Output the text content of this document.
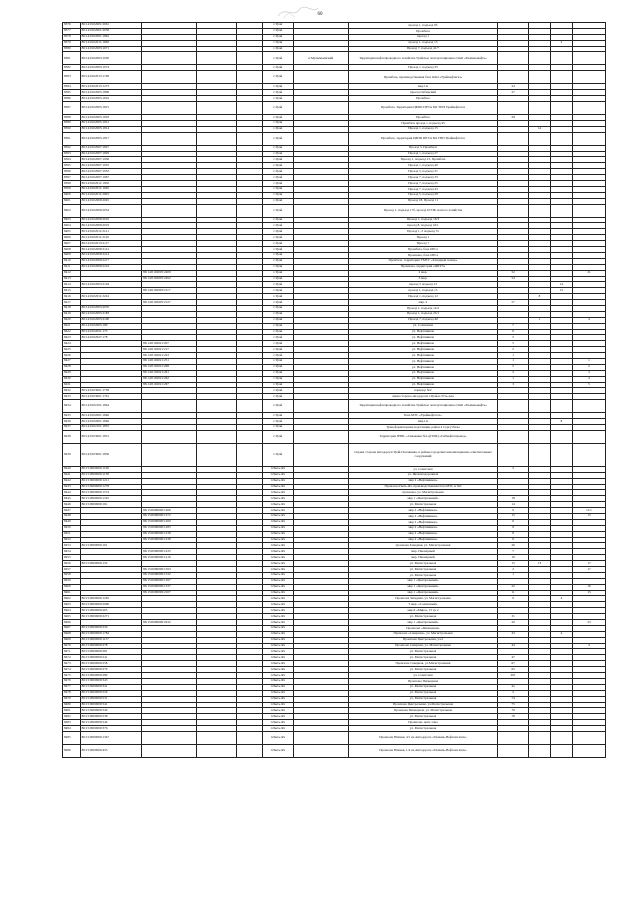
60
8376	86:14:0102001:2061				г.Урай		проезд 1, подъезд 9б				
8377	86:14:0102001:2058				г.Урай		Промбаза				
8378	86:14:0102001:1862				г.Урай		проезд 1				
8379	86:14:0102011:1669				г.Урай		проезд 1, подъезд 13			2	
8380	86:14:0102003:1671				г.Урай		Проезд 7, подъезд 41/7				
8381	86:14:0102003:1050				г.Урай	п.Мулымъинский	Территория нефтепроводного хозяйства Урайское эксплуатационное ОАО «Тюменьнефть»				
8382	86:14:0102003:1074				г.Урай		Проезд 1, подъезд 35				
8383	86:14:0102013:1748				г.Урай		Промбаза, производственная база ОАО «Урайнефтегаз»				
8384	86:14:0102013:1273				г.Урай		мкр.1А	24			
8385	86:14:0102005:1809				г.Урай		проезд Сибирский	27			
8386	86:14:0102005:1816				г.Урай		Промбаза				
8387	86:14:0102005:1815				г.Урай		Промбаза. Территория ЦБПО ПРЭ и БО ТПП Урайнефтегаз				
8388	86:14:0102005:1818				г.Урай		Промбаза	III			
8389	86:14:0102005:1812				г.Урай		Промбаза проезд 1, подъезд 45				
8390	86:14:0102005:1814				г.Урай		Проезд 1, подъезд 15		14		
8391	86:14:0102005:1817				г.Урай		Промбаза, территория ЦБПО ПРЭ и БО ТПП Урайнефтегаз				
8392	86:14:0102007:1827				г.Урай		Проезд 5, Промбаза				
8393	86:14:0102007:1829				г.Урай		Проезд 1, подъезд 27				
8394	86:14:0102007:1936				г.Урай		Проезд 1, подъезд 21, Промбаза				
8395	86:14:0102007:1955				г.Урай		Проезд 1, подъезд 40				
8396	86:14:0102007:1952				г.Урай		Проезд 5, подъезд 31				
8397	86:14:0102007:1967				г.Урай		Проезд 7, подъезд 33				
8398	86:14:0102011:1956				г.Урай		Проезд 7, подъезд 25				
8399	86:14:0102011:1926				г.Урай		Проезд 7, подъезд 43				
8400	86:14:0102011:2003				г.Урай		Проезд 5, подъезд 29				
8401	86:14:0102009:2045				г.Урай		Проезд 18, Проезд 11				
8402	86:14:0102009:2034				г.Урай		Проезд 1, подъезд 17б, проезд 6 ГПК лесного хозяйства				
8403	86:14:0102009:2016				г.Урай		Проезд 1, подъезд 16/3				
8404	86:14:0102009:2019				г.Урай		проезд 8, подъезд 16/1				
8405	86:14:0102011:2121				г.Урай		Проезд 1, 2 подъезд 7а				
8406	86:14:0102011:2120				г.Урай		Проезд 1				
8407	86:14:0102013:2117				г.Урай		Проезд 7				
8408	86:14:0102009:2141				г.Урай		Промбаза, база ОРСа				
8409	86:14:0102009:2214				г.Урай		Промзона, база ОРСа				
8410	86:14:0102009:2217				г.Урай		Промбаза, территория УМТС «Западный пожар»				
8411	86:14:0102009:2224				г.Урай		Промзона, территория «ЦПТЭ»				
8412		86:14:0102005:2409			г.Урай		2 мкр.	52			21
8413		86:14:0102005:2492			г.Урай		3 мкр.	54			
8414	86:14:0102003:2104				г.Урай		проезд 5 подъезд 21			14	
8415		86:14:0102003:2117			г.Урай		проезд 1, подъезд 15			15	
8416	86:14:0102011:2224				г.Урай		Проезд 1, подъезд 12		8		
8417		86:14:0102005:2127			г.Урай		мкр. 2	57			
8418	86:14:0102003:2070				г.Урай		Проезд 1, подъезд 14/2				
8419	86:14:0102005:2183				г.Урай		Проезд 1, подъезд 2б/1				
8420	86:14:0102003:2100				г.Урай		Проезд 7, подъезд 40		1		4
8421	86:14:0102005:180				г.Урай		ул. Солнечная	7			
8422	86:14:0102021:173				г.Урай		ул. Нефтяников	6			
8423	86:14:0102027:178				г.Урай		ул. Нефтяников	5			
8424		86:14:0102021:207			г.Урай		ул. Нефтяников	5			
8425		86:14:0102021:217			г.Урай		ул. Нефтяников	2			
8426		86:14:0102021:243			г.Урай		ул. Нефтяников	1			
8427		86:14:0102021:251			г.Урай		ул. Нефтяников	1			1
8428		86:14:0102021:268			г.Урай		ул. Нефтяников	5			2
8429		86:14:0102021:261			г.Урай		ул. Нефтяников	2			3
8430		86:14:0102021:262			г.Урай		ул. Нефтяников	1			4
8431		86:14:0102021:267			г.Урай		ул. Нефтяников	3			5
8432	86:14:0103001:1758				г.Урай		коридор №2				
8433	86:14:0103001:1761				г.Урай		левая сторона автодороги г.Урай-п.Усть-Аха				
8434	86:14:0102101:1844				г.Урай		Территория нефтепроводного хозяйства Урайское эксплуатационное ОАО «Тюменьнефть»				
8435	86:14:0102001:1846				г.Урай		База МТС «Урайнефтегаз»				
8436	86:14:0102001:1846				г.Урай		мкр.1А			8	
8437	86:14:0102101:1855				г.Урай		Трансформаторная подстанция, район 4 Сургутбазы				
8438	86:14:0103001:1851				г.Урай		Территория ЗНПС «Скважина №1»(ГПМ) «Сибнефтепровод»				
8439	86:14:0103001:1856				г.Урай		Справа сторона автодороги Урай-Половинка, в районе городских канализационно-очистительных сооружений				
8440	86:15:0000000:1190				г.Пыть-Ях		ул. Советская	5			
8441	86:15:0000000:1138				г.Пыть-Ях		ул. Железнодорожная				
8442	86:15:0000000:1211				г.Пыть-Ях		мкр 2 «Нефтяников»				
8443	86:15:0000000:1278				г.Пыть-Ях		Промзона Пыть-Ях, производственная база МТС и ХО				
8444	86:15:0000000:1574				г.Пыть-Ях		промзона, ул. Магистральная				
8445	86:15:0000000:1545				г.Пыть-Ях		мкр 1 «Центральный»	18			
8446	86:15:0000000:161				г.Пыть-Ях		ул. Магистральная	14			
8447		86:15:0000000:1266			г.Пыть-Ях		мкр 2 «Нефтяников»	9			11/1
8448		86:15:0000000:1272			г.Пыть-Ях		мкр 2 «Нефтяников»	15			15
8449		86:15:0000000:1200			г.Пыть-Ях		мкр 2 «Нефтяников»	6			
8450		86:15:0000000:1285			г.Пыть-Ях		мкр 2 «Нефтяников»	9			
8451		86:15:0000000:1238			г.Пыть-Ях		мкр 2 «Нефтяников»	8			
8452		86:15:0000000:1238			г.Пыть-Ях		мкр 2 «Нефтяников»	6			
8453	86:15:0000000:161				г.Пыть-Ях		промзона Западная, ул. Магистральная	26			
8454		86:15:0000000:1435			г.Пыть-Ях		мкр. Пионерный	7			
8455		86:15:0000000:1416			г.Пыть-Ях		мкр. Пионерный	10			
8456	86:15:0000000:152				г.Пыть-Ях		ул. Магистральная	15	13		17
8457		86:15:0000000:1593			г.Пыть-Ях		ул. Магистральная	2			17
8458		86:15:0000000:1532			г.Пыть-Ях		ул. Магистральная	1			
8459		86:15:0000000:1397			г.Пыть-Ях		мкр 1 «Центральный»				
8460		86:15:0000000:1337			г.Пыть-Ях		мкр 1 «Центральный»	22			16
8461		86:15:0000000:2107			г.Пыть-Ях		мкр 1 «Центральный»	11			15
8462	86:15:0000000:1265				г.Пыть-Ях		Промзона Западная, ул. Магистральная	9		4	
8463	86:15:0000000:2960				г.Пыть-Ях		5 мкр. «Солнечный»				
8464	86:15:0000000:265				г.Пыть-Ях		мкр.6 «Мира», 15 гр.2				
8465	86:15:0000000:2271				г.Пыть-Ях		ул. Магистральная	31			
8466		86:15:0000000:2432			г.Пыть-Ях		мкр 1 «Центральный»	20			23
8467	86:15:0000000:250				г.Пыть-Ях		Промзона «Пионерная»				
8468	86:15:0000000:1784				г.Пыть-Ях		Промзона «Северная», ул. Магистральная	43		4	
8469	86:15:0000000:1157				г.Пыть-Ях		Промзона Центральная, ул.2				
8470	86:15:0000000:278				г.Пыть-Ях		Промзона Северная, ул. Магистральная	44			4
8471	86:15:0000000:281				г.Пыть-Ях		ул. Магистральная				
8472	86:15:0000000:241				г.Пыть-Ях		ул. Магистральная	47			
8473	86:15:0000000:258				г.Пыть-Ях		Промзона Северная, ул.Магистральная	67			
8474	86:15:0000000:279				г.Пыть-Ях		ул. Магистральная	65			
8475	86:15:0000000:280				г.Пыть-Ях		ул. Советская	201			
8476	86:15:0000000:343				г.Пыть-Ях		Промзона Пионерная				
8477	86:15:0000000:341				г.Пыть-Ях		ул. Магистральная	4а			
8478	86:15:0000000:526				г.Пыть-Ях		ул. Магистральная	5			
8479	86:15:0000000:531				г.Пыть-Ях		ул. Магистральная	74			
8480	86:15:0000000:541				г.Пыть-Ях		Промзона Центральная, ул.Магистральная	75			
8481	86:15:0000000:540				г.Пыть-Ях		Промзона Пионерная, ул. Магистральная	76			
8482	86:15:0000000:538				г.Пыть-Ях		ул. Магистральная	78			
8483	86:15:0000000:544				г.Пыть-Ях		Промзона, цент. зона				
8484	86:15:0000000:376				г.Пыть-Ях		ул. Магистральная				
8485	86:15:0000000:1347				г.Пыть-Ях		Промзона Южная, 4/1 на Автодороге «Тюмень-Нефтеюганск»				
8486	86:15:0000000:453				г.Пыть-Ях		Промзона Южная, 1/4 на Автодороге «Тюмень-Нефтеюганск»				
